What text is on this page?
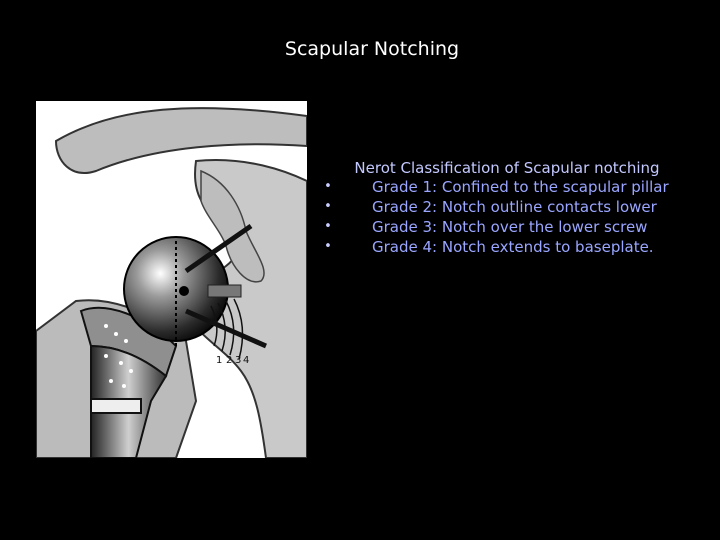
Scapular Notching
1 2 3 4
Nerot Classification of Scapular notching
•	Grade 1: Confined to the scapular pillar
•	Grade 2: Notch outline contacts lower
•	Grade 3: Notch over the lower screw
•	Grade 4: Notch extends to baseplate.
